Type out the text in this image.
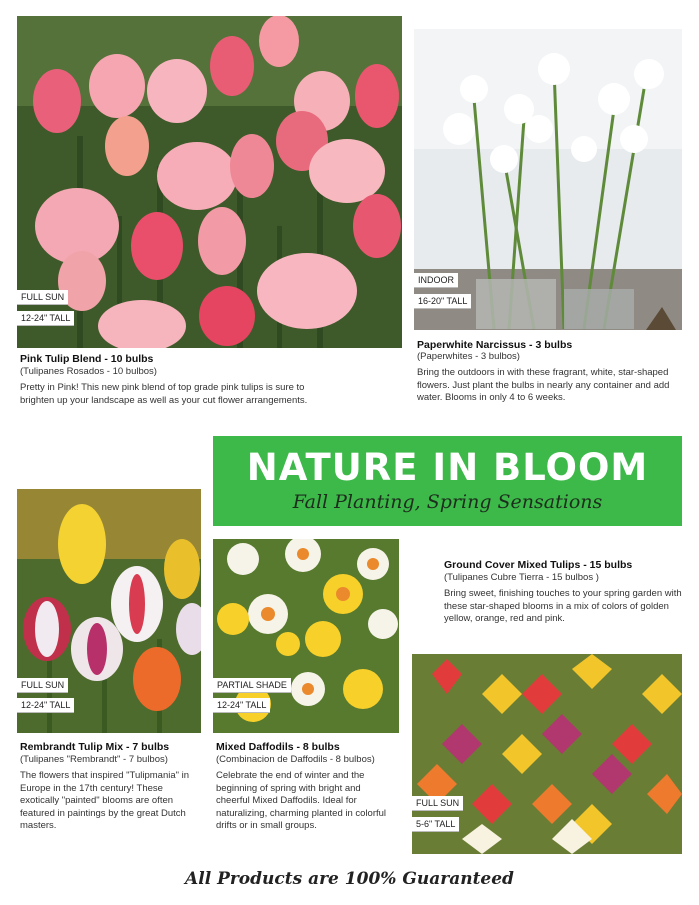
FULL SUN
12-24" TALL
Pink Tulip Blend - 10 bulbs
(Tulipanes Rosados - 10 bulbos)
Pretty in Pink! This new pink blend of top grade pink tulips is sure to brighten up your landscape as well as your cut flower arrangements.
INDOOR
16-20" TALL
Paperwhite Narcissus - 3 bulbs
(Paperwhites - 3 bulbos)
Bring the outdoors in with these fragrant, white, star-shaped flowers. Just plant the bulbs in nearly any container and add water. Blooms in only 4 to 6 weeks.
NATURE IN BLOOM
Fall Planting, Spring Sensations
FULL SUN
12-24" TALL
Rembrandt Tulip Mix - 7 bulbs
(Tulipanes "Rembrandt" - 7 bulbos)
The flowers that inspired "Tulipmania" in Europe in the 17th century! These exotically "painted" blooms are often featured in paintings by the great Dutch masters.
PARTIAL SHADE
12-24" TALL
Mixed Daffodils - 8 bulbs
(Combinacion de Daffodils - 8 bulbos)
Celebrate the end of winter and the beginning of spring with bright and cheerful Mixed Daffodils. Ideal for naturalizing, charming planted in colorful drifts or in small groups.
Ground Cover Mixed Tulips - 15 bulbs
(Tulipanes Cubre Tierra - 15 bulbos )
Bring sweet, finishing touches to your spring garden with these star-shaped blooms in a mix of colors of golden yellow, orange, red and pink.
FULL SUN
5-6" TALL
All Products are 100% Guaranteed
